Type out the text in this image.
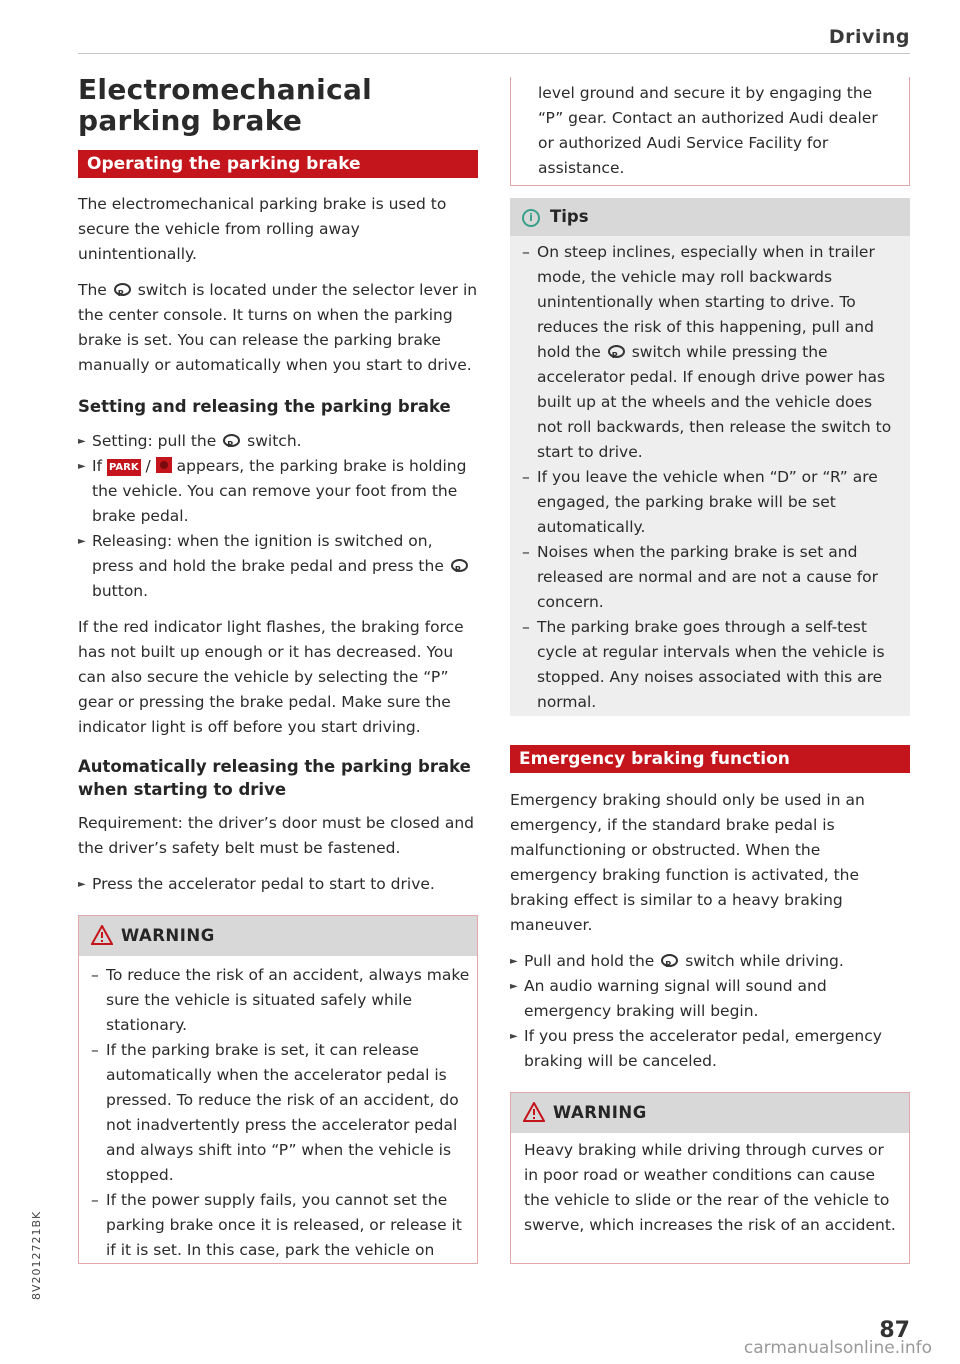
Driving
Electromechanical parking brake
Operating the parking brake

The electromechanical parking brake is used to secure the vehicle from rolling away unintentionally.

The P switch is located under the selector lever in the center console. It turns on when the parking brake is set. You can release the parking brake manually or automatically when you start to drive.

Setting and releasing the parking brake
► Setting: pull the P switch.
► If PARK / appears, the parking brake is holding the vehicle. You can remove your foot from the brake pedal.
► Releasing: when the ignition is switched on, press and hold the brake pedal and press the P button.

If the red indicator light flashes, the braking force has not built up enough or it has decreased. You can also secure the vehicle by selecting the “P” gear or pressing the brake pedal. Make sure the indicator light is off before you start driving.

Automatically releasing the parking brake when starting to drive

Requirement: the driver’s door must be closed and the driver’s safety belt must be fastened.

► Press the accelerator pedal to start to drive.
WARNING
– To reduce the risk of an accident, always make sure the vehicle is situated safely while stationary.
– If the parking brake is set, it can release automatically when the accelerator pedal is pressed. To reduce the risk of an accident, do not inadvertently press the accelerator pedal and always shift into “P” when the vehicle is stopped.
– If the power supply fails, you cannot set the parking brake once it is released, or release it if it is set. In this case, park the vehicle on

level ground and secure it by engaging the “P” gear. Contact an authorized Audi dealer or authorized Audi Service Facility for assistance.

i Tips
– On steep inclines, especially when in trailer mode, the vehicle may roll backwards unintentionally when starting to drive. To reduces the risk of this happening, pull and hold the P switch while pressing the accelerator pedal. If enough drive power has built up at the wheels and the vehicle does not roll backwards, then release the switch to start to drive.
– If you leave the vehicle when “D” or “R” are engaged, the parking brake will be set automatically.
– Noises when the parking brake is set and released are normal and are not a cause for concern.
– The parking brake goes through a self-test cycle at regular intervals when the vehicle is stopped. Any noises associated with this are normal.
Emergency braking function

Emergency braking should only be used in an emergency, if the standard brake pedal is malfunctioning or obstructed. When the emergency braking function is activated, the braking effect is similar to a heavy braking maneuver.

► Pull and hold the P switch while driving.
► An audio warning signal will sound and emergency braking will begin.
► If you press the accelerator pedal, emergency braking will be canceled.
WARNING

Heavy braking while driving through curves or in poor road or weather conditions can cause the vehicle to slide or the rear of the vehicle to swerve, which increases the risk of an accident.

8V2012721BK
87
carmanualsonline.info
